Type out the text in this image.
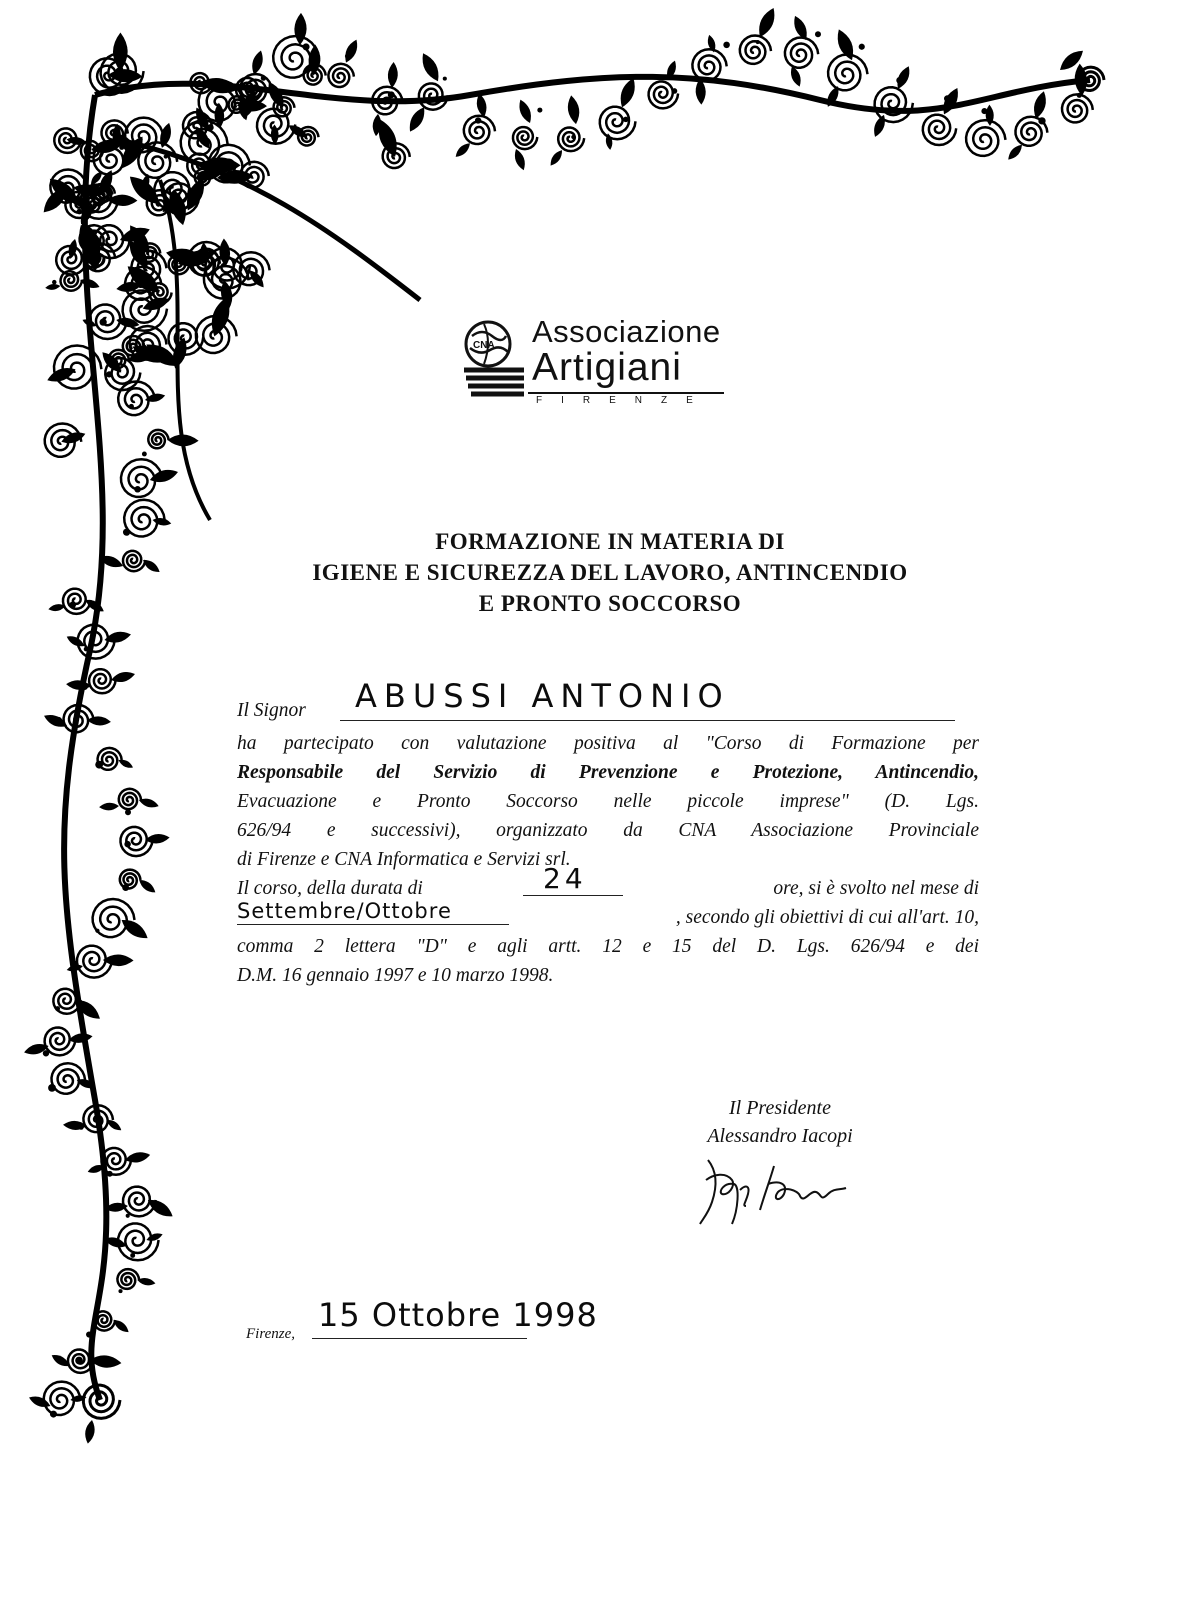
CNA Associazione
Artigiani
FIRENZE
FORMAZIONE IN MATERIA DI
IGIENE E SICUREZZA DEL LAVORO, ANTINCENDIO
E PRONTO SOCCORSO
Il Signor ABUSSI ANTONIO
ha partecipato con valutazione positiva al "Corso di Formazione per
Responsabile del Servizio di Prevenzione e Protezione, Antincendio,
Evacuazione e Pronto Soccorso nelle piccole imprese" (D. Lgs.
626/94 e successivi), organizzato da CNA Associazione Provinciale
di Firenze e CNA Informatica e Servizi srl.
Il corso, della durata di	24	ore, si è svolto nel mese di
Settembre/Ottobre	, secondo gli obiettivi di cui all'art. 10,
comma 2 lettera "D" e agli artt. 12 e 15 del D. Lgs. 626/94 e dei
D.M. 16 gennaio 1997 e 10 marzo 1998.
Il Presidente
Alessandro Iacopi
Firenze, 15 Ottobre 1998
